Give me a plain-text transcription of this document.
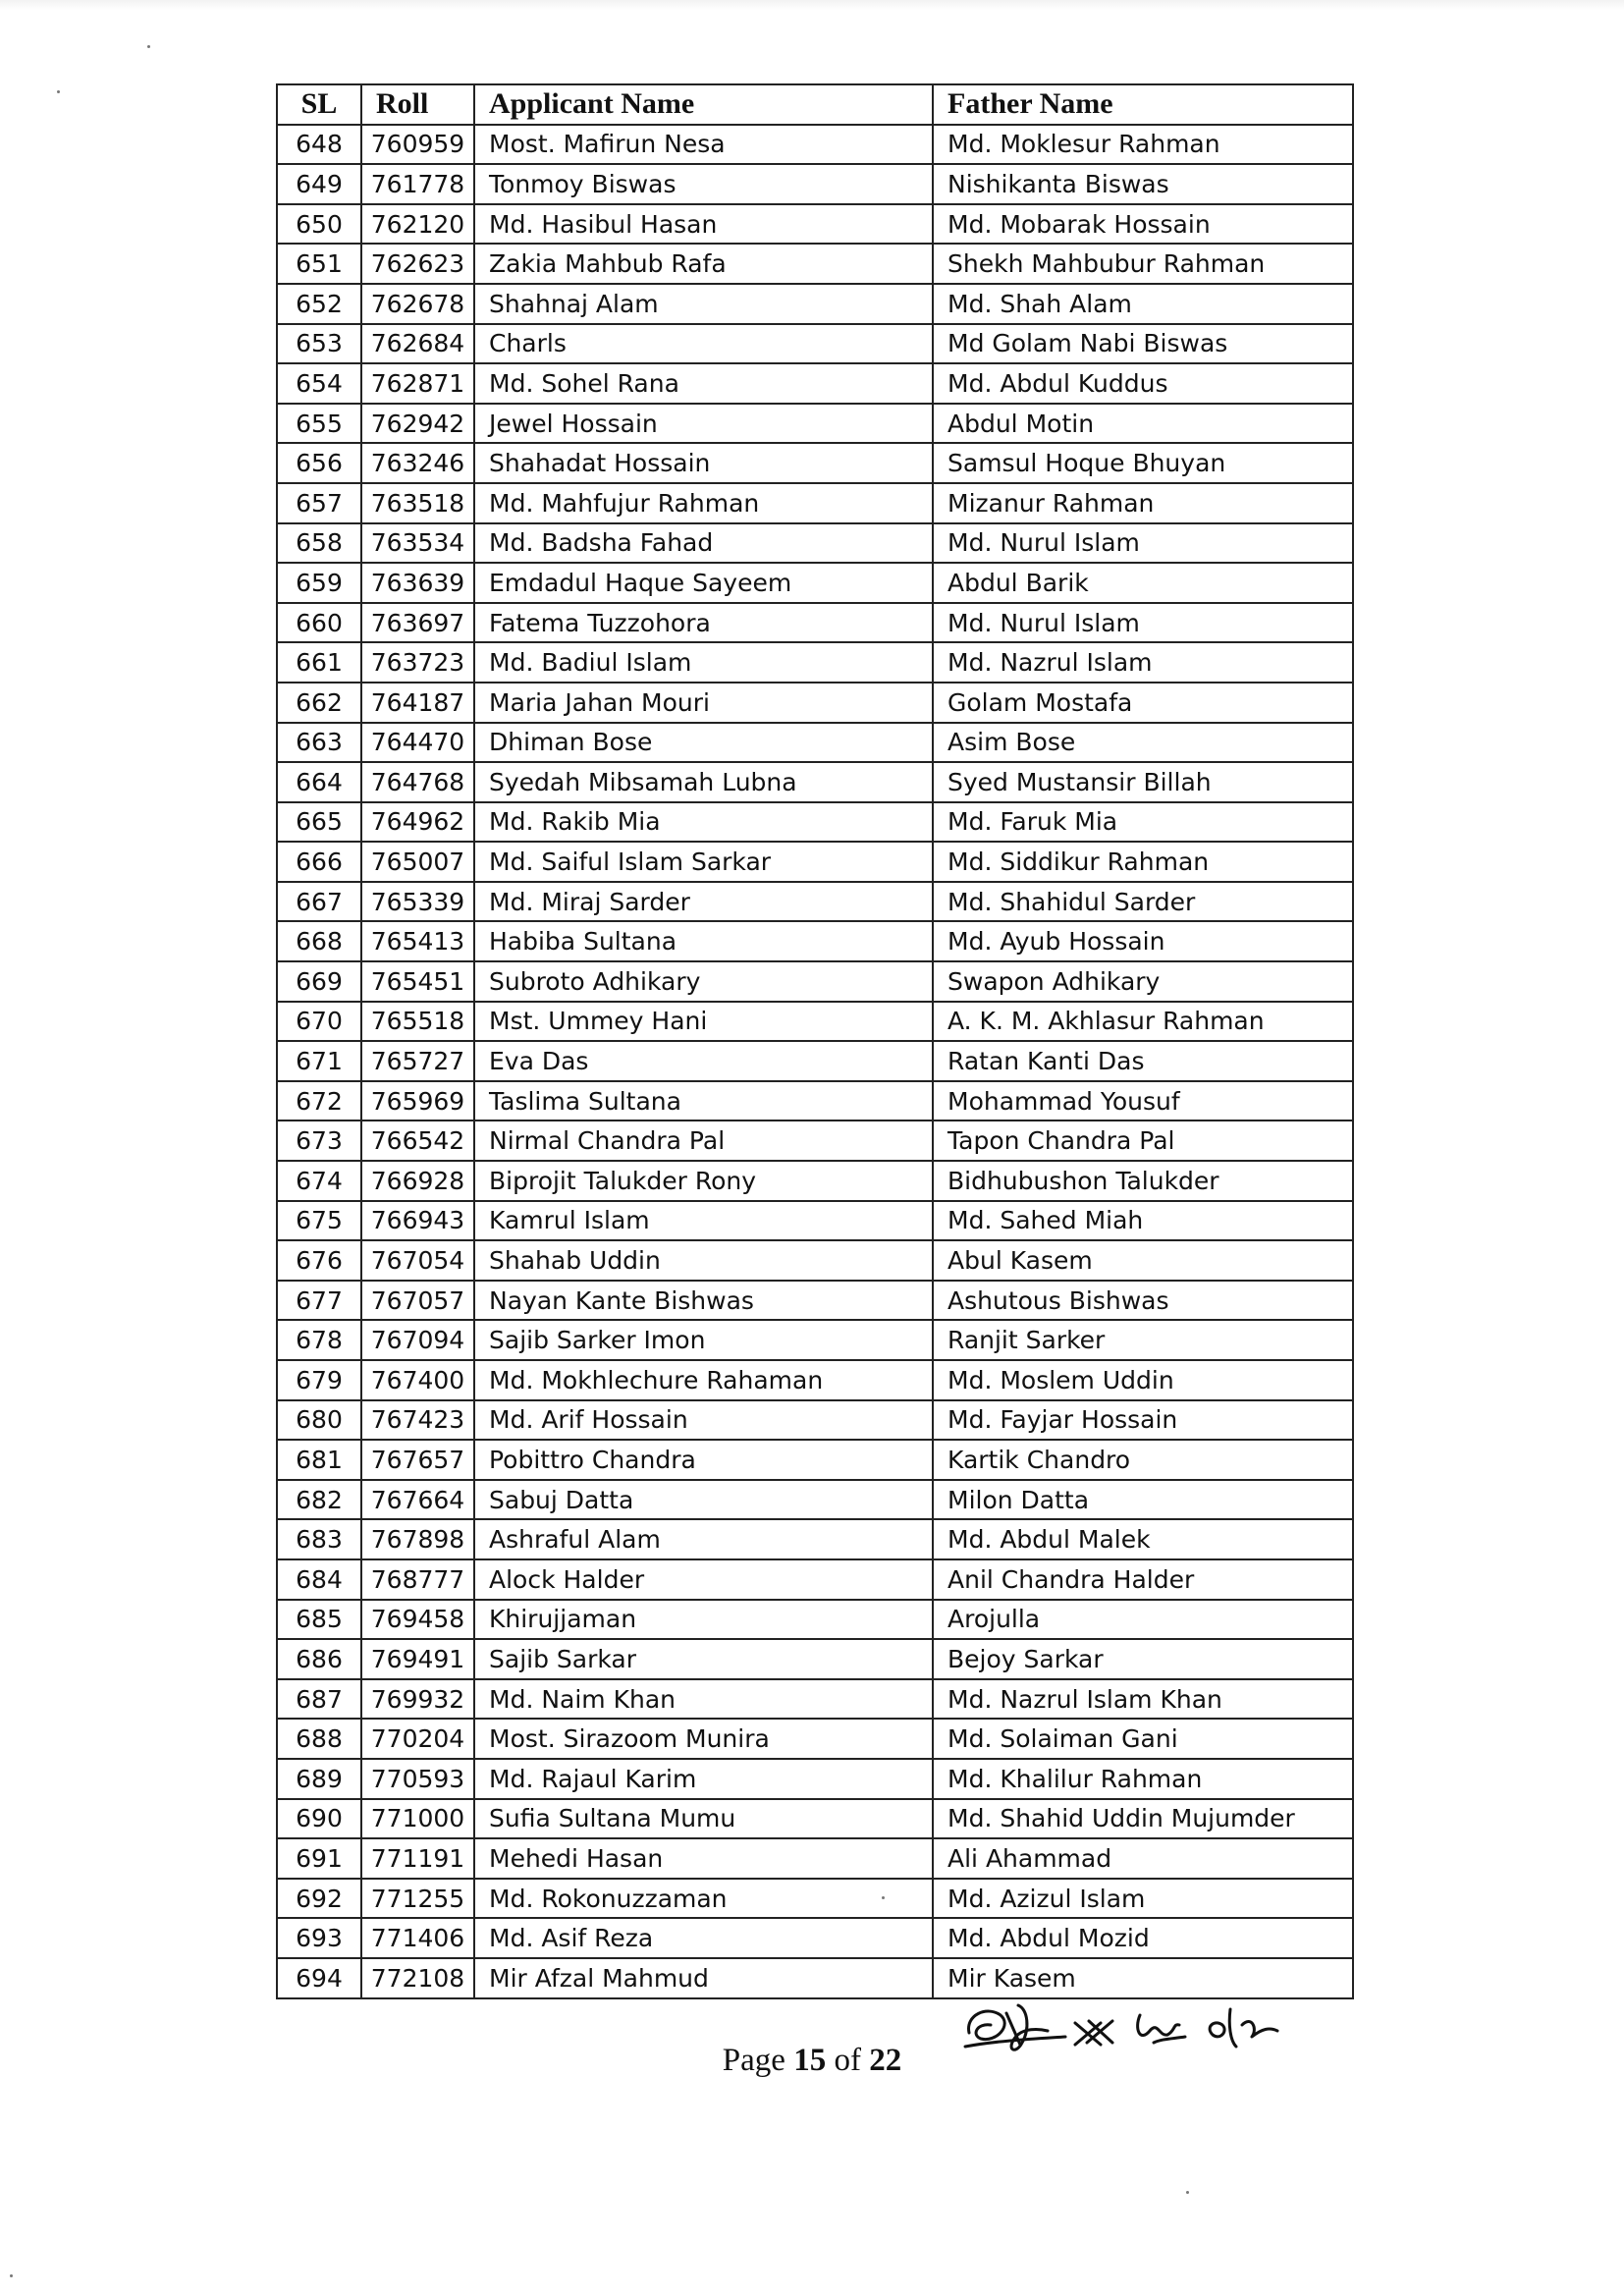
SL	Roll	Applicant Name	Father Name
648	760959	Most. Mafirun Nesa	Md. Moklesur Rahman
649	761778	Tonmoy Biswas	Nishikanta Biswas
650	762120	Md. Hasibul Hasan	Md. Mobarak Hossain
651	762623	Zakia Mahbub Rafa	Shekh Mahbubur Rahman
652	762678	Shahnaj Alam	Md. Shah Alam
653	762684	Charls	Md Golam Nabi Biswas
654	762871	Md. Sohel Rana	Md. Abdul Kuddus
655	762942	Jewel Hossain	Abdul Motin
656	763246	Shahadat Hossain	Samsul Hoque Bhuyan
657	763518	Md. Mahfujur Rahman	Mizanur Rahman
658	763534	Md. Badsha Fahad	Md. Nurul Islam
659	763639	Emdadul Haque Sayeem	Abdul Barik
660	763697	Fatema Tuzzohora	Md. Nurul Islam
661	763723	Md. Badiul Islam	Md. Nazrul Islam
662	764187	Maria Jahan Mouri	Golam Mostafa
663	764470	Dhiman Bose	Asim Bose
664	764768	Syedah Mibsamah Lubna	Syed Mustansir Billah
665	764962	Md. Rakib Mia	Md. Faruk Mia
666	765007	Md. Saiful Islam Sarkar	Md. Siddikur Rahman
667	765339	Md. Miraj Sarder	Md. Shahidul Sarder
668	765413	Habiba Sultana	Md. Ayub Hossain
669	765451	Subroto Adhikary	Swapon Adhikary
670	765518	Mst. Ummey Hani	A. K. M. Akhlasur Rahman
671	765727	Eva Das	Ratan Kanti Das
672	765969	Taslima Sultana	Mohammad Yousuf
673	766542	Nirmal Chandra Pal	Tapon Chandra Pal
674	766928	Biprojit Talukder Rony	Bidhubushon Talukder
675	766943	Kamrul Islam	Md. Sahed Miah
676	767054	Shahab Uddin	Abul Kasem
677	767057	Nayan Kante Bishwas	Ashutous Bishwas
678	767094	Sajib Sarker Imon	Ranjit Sarker
679	767400	Md. Mokhlechure Rahaman	Md. Moslem Uddin
680	767423	Md. Arif Hossain	Md. Fayjar Hossain
681	767657	Pobittro Chandra	Kartik Chandro
682	767664	Sabuj Datta	Milon Datta
683	767898	Ashraful Alam	Md. Abdul Malek
684	768777	Alock Halder	Anil Chandra Halder
685	769458	Khirujjaman	Arojulla
686	769491	Sajib Sarkar	Bejoy Sarkar
687	769932	Md. Naim Khan	Md. Nazrul Islam Khan
688	770204	Most. Sirazoom Munira	Md. Solaiman Gani
689	770593	Md. Rajaul Karim	Md. Khalilur Rahman
690	771000	Sufia Sultana Mumu	Md. Shahid Uddin Mujumder
691	771191	Mehedi Hasan	Ali Ahammad
692	771255	Md. Rokonuzzaman	Md. Azizul Islam
693	771406	Md. Asif Reza	Md. Abdul Mozid
694	772108	Mir Afzal Mahmud	Mir Kasem
Page 15 of 22
